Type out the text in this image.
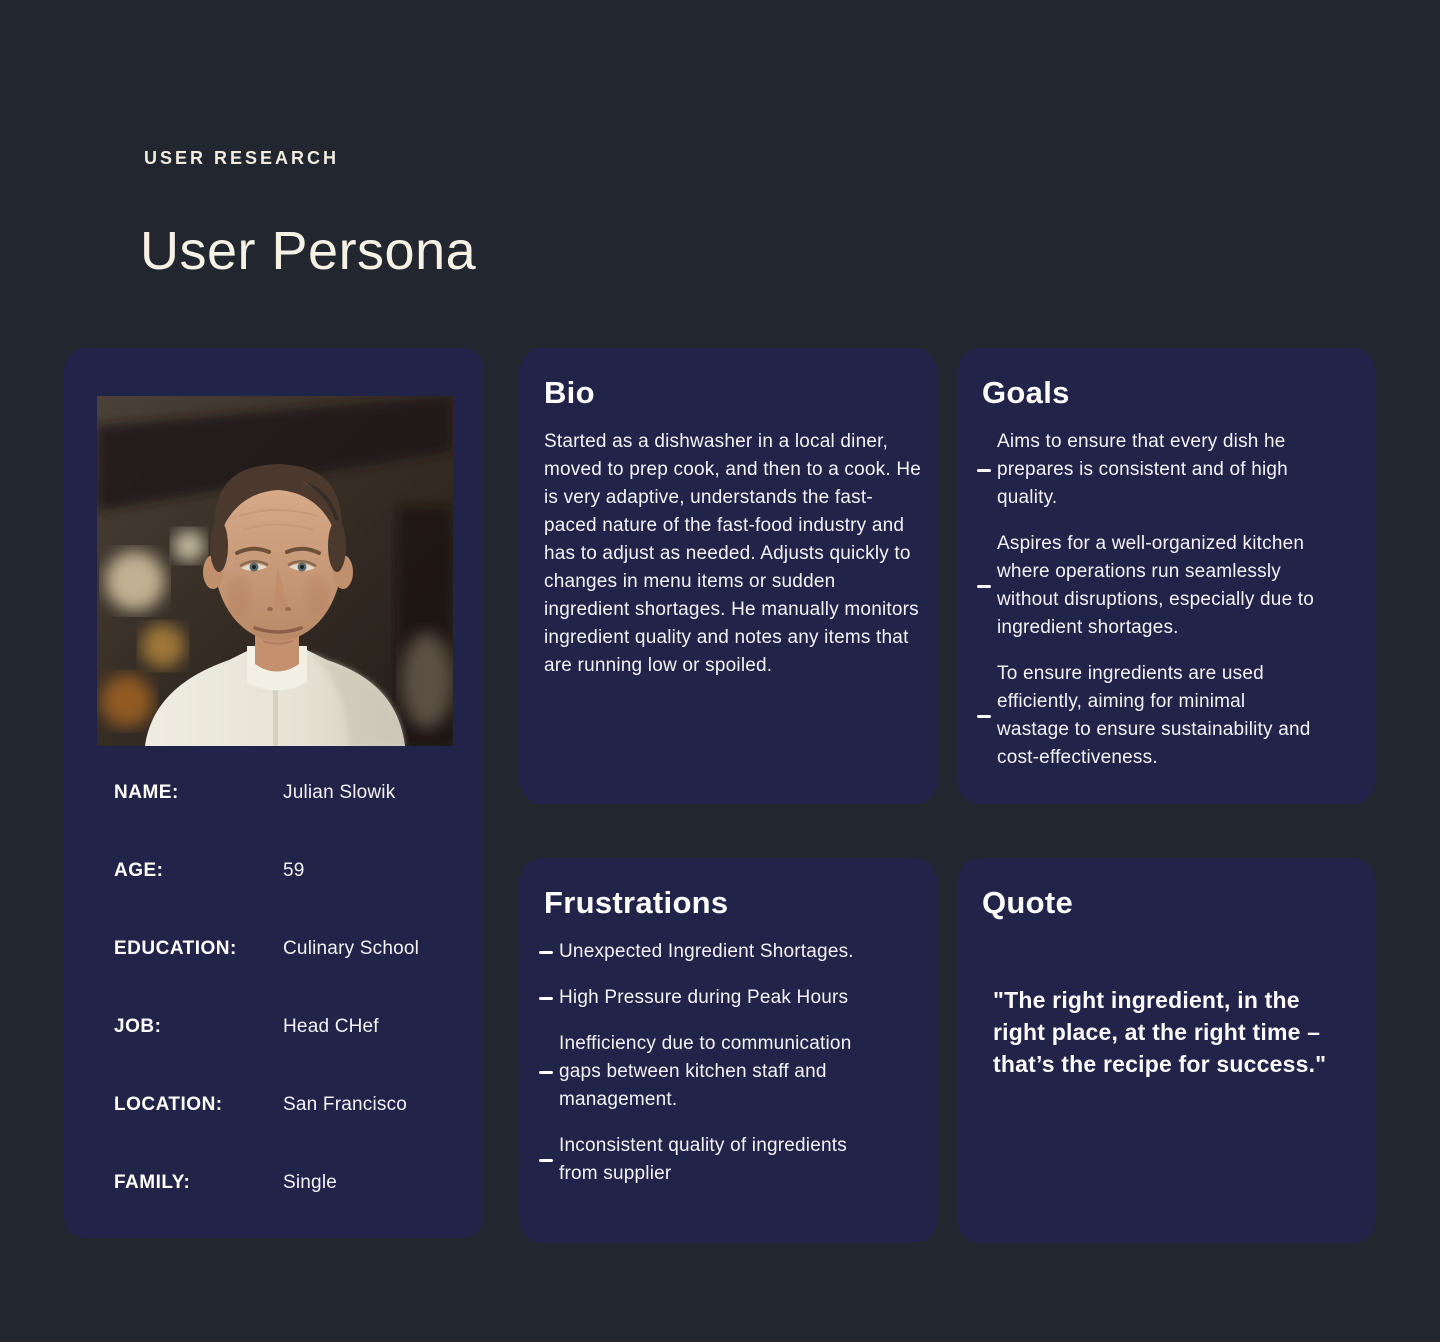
USER RESEARCH
User Persona
NAME:	Julian Slowik
AGE:	59
EDUCATION:	Culinary School
JOB:	Head CHef
LOCATION:	San Francisco
FAMILY:	Single
Bio

Started as a dishwasher in a local diner, moved to prep cook, and then to a cook. He is very adaptive, understands the fast-paced nature of the fast-food industry and has to adjust as needed. Adjusts quickly to changes in menu items or sudden ingredient shortages. He manually monitors ingredient quality and notes any items that are running low or spoiled.

Goals
Aims to ensure that every dish he prepares is consistent and of high quality.
Aspires for a well-organized kitchen where operations run seamlessly without disruptions, especially due to ingredient shortages.
To ensure ingredients are used efficiently, aiming for minimal wastage to ensure sustainability and cost-effectiveness.
Frustrations
Unexpected Ingredient Shortages.
High Pressure during Peak Hours
Inefficiency due to communication gaps between kitchen staff and management.
Inconsistent quality of ingredients from supplier
Quote
"The right ingredient, in the right place, at the right time – that’s the recipe for success."
